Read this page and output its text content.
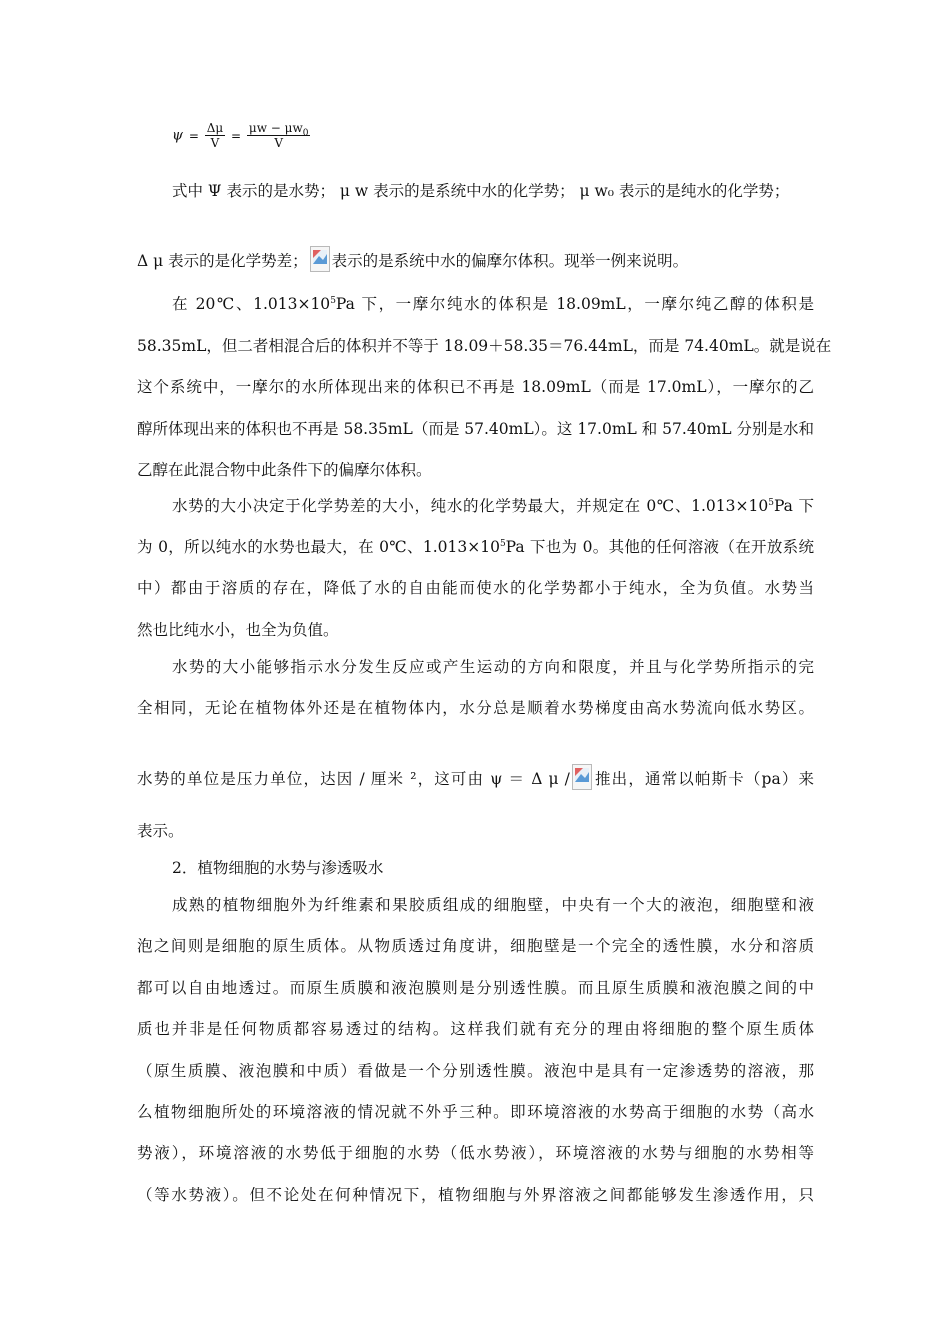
$\psi = \frac{\Delta\mu}{V} = \frac{\mu w - \mu w_0}{V}$
式中 Ψ 表示的是水势； μ w 表示的是系统中水的化学势； μ w₀ 表示的是纯水的化学势；
Δ μ 表示的是化学势差； 表示的是系统中水的偏摩尔体积。现举一例来说明。
在 20℃、$1.013\times 10^5Pa$ 下，一摩尔纯水的体积是 18.09mL，一摩尔纯乙醇的体积是
58.35mL，但二者相混合后的体积并不等于 18.09＋58.35＝76.44mL，而是 74.40mL。就是说在
这个系统中，一摩尔的水所体现出来的体积已不再是 18.09mL（而是 17.0mL），一摩尔的乙
醇所体现出来的体积也不再是 58.35mL（而是 57.40mL）。这 17.0mL 和 57.40mL 分别是水和
乙醇在此混合物中此条件下的偏摩尔体积。
水势的大小决定于化学势差的大小，纯水的化学势最大，并规定在 0℃、$1.013\times 10^5Pa$ 下
为 0，所以纯水的水势也最大，在 0℃、$1.013\times 10^5Pa$ 下也为 0。其他的任何溶液（在开放系统
中）都由于溶质的存在，降低了水的自由能而使水的化学势都小于纯水，全为负值。水势当
然也比纯水小，也全为负值。
水势的大小能够指示水分发生反应或产生运动的方向和限度，并且与化学势所指示的完
全相同，无论在植物体外还是在植物体内，水分总是顺着水势梯度由高水势流向低水势区。
水势的单位是压力单位，达因 / 厘米 ²，这可由 ψ ＝ Δ μ / 推出，通常以帕斯卡（pa）来
表示。
2．植物细胞的水势与渗透吸水
成熟的植物细胞外为纤维素和果胶质组成的细胞壁，中央有一个大的液泡，细胞壁和液
泡之间则是细胞的原生质体。从物质透过角度讲，细胞壁是一个完全的透性膜，水分和溶质
都可以自由地透过。而原生质膜和液泡膜则是分别透性膜。而且原生质膜和液泡膜之间的中
质也并非是任何物质都容易透过的结构。这样我们就有充分的理由将细胞的整个原生质体
（原生质膜、液泡膜和中质）看做是一个分别透性膜。液泡中是具有一定渗透势的溶液，那
么植物细胞所处的环境溶液的情况就不外乎三种。即环境溶液的水势高于细胞的水势（高水
势液），环境溶液的水势低于细胞的水势（低水势液），环境溶液的水势与细胞的水势相等
（等水势液）。但不论处在何种情况下，植物细胞与外界溶液之间都能够发生渗透作用，只
